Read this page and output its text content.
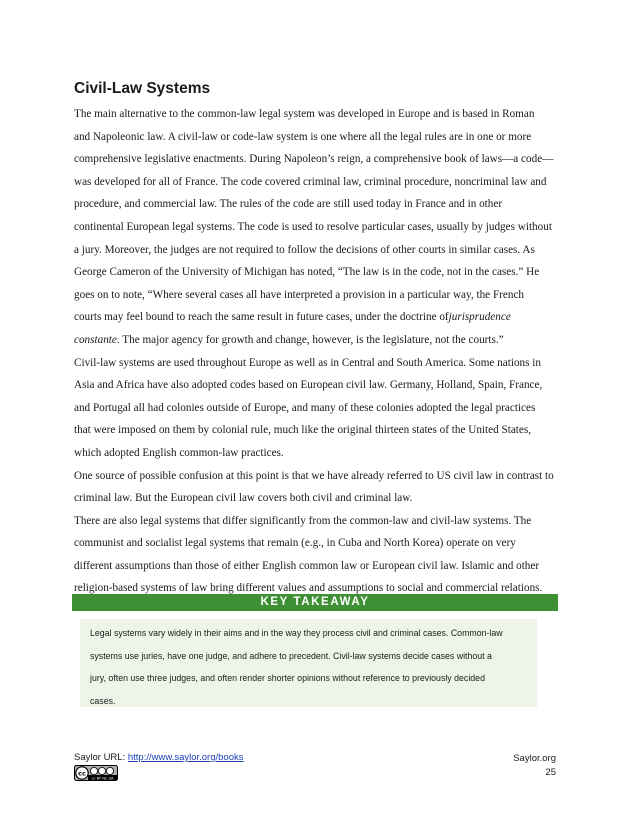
Civil-Law Systems

The main alternative to the common-law legal system was developed in Europe and is based in Roman

and Napoleonic law. A civil-law or code-law system is one where all the legal rules are in one or more

comprehensive legislative enactments. During Napoleon’s reign, a comprehensive book of laws—a code—

was developed for all of France. The code covered criminal law, criminal procedure, noncriminal law and

procedure, and commercial law. The rules of the code are still used today in France and in other

continental European legal systems. The code is used to resolve particular cases, usually by judges without

a jury. Moreover, the judges are not required to follow the decisions of other courts in similar cases. As

George Cameron of the University of Michigan has noted, “The law is in the code, not in the cases.” He

goes on to note, “Where several cases all have interpreted a provision in a particular way, the French

courts may feel bound to reach the same result in future cases, under the doctrine ofjurisprudence

constante. The major agency for growth and change, however, is the legislature, not the courts.”

Civil-law systems are used throughout Europe as well as in Central and South America. Some nations in

Asia and Africa have also adopted codes based on European civil law. Germany, Holland, Spain, France,

and Portugal all had colonies outside of Europe, and many of these colonies adopted the legal practices

that were imposed on them by colonial rule, much like the original thirteen states of the United States,

which adopted English common-law practices.

One source of possible confusion at this point is that we have already referred to US civil law in contrast to

criminal law. But the European civil law covers both civil and criminal law.

There are also legal systems that differ significantly from the common-law and civil-law systems. The

communist and socialist legal systems that remain (e.g., in Cuba and North Korea) operate on very

different assumptions than those of either English common law or European civil law. Islamic and other

religion-based systems of law bring different values and assumptions to social and commercial relations.

KEY TAKEAWAY

Legal systems vary widely in their aims and in the way they process civil and criminal cases. Common-law

systems use juries, have one judge, and adhere to precedent. Civil-law systems decide cases without a

jury, often use three judges, and often render shorter opinions without reference to previously decided

cases.

Saylor URL: http://www.saylor.org/books
cc
cc BY NC SA
Saylor.org
25
